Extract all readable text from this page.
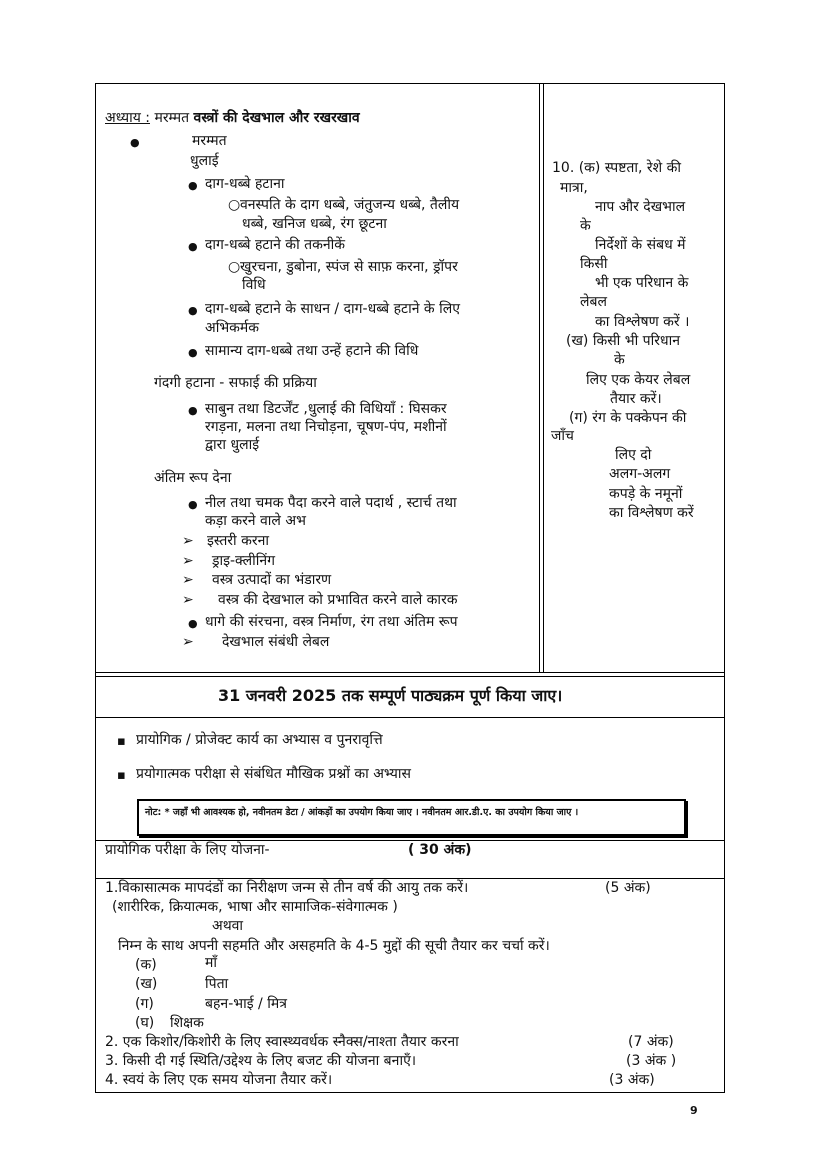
अध्याय : मरम्मत वस्त्रों की देखभाल और रखरखाव
●	मरम्मत
धुलाई
● दाग-धब्बे हटाना
○ वनस्पति के दाग धब्बे, जंतुजन्य धब्बे, तैलीय
धब्बे, खनिज धब्बे, रंग छूटना
● दाग-धब्बे हटाने की तकनीकें
○ खुरचना, डुबोना, स्पंज से साफ़ करना, ड्रॉपर
विधि
● दाग-धब्बे हटाने के साधन / दाग-धब्बे हटाने के लिए
अभिकर्मक
● सामान्य दाग-धब्बे तथा उन्हें हटाने की विधि
गंदगी हटाना - सफाई की प्रक्रिया
● साबुन तथा डिटर्जेंट ,धुलाई की विधियाँ : घिसकर
रगड़ना, मलना तथा निचोड़ना, चूषण-पंप, मशीनों
द्वारा धुलाई
अंतिम रूप देना
● नील तथा चमक पैदा करने वाले पदार्थ , स्टार्च तथा
कड़ा करने वाले अभ
➢ इस्तरी करना
➢ ड्राइ-क्लीनिंग
➢ वस्त्र उत्पादों का भंडारण
➢ वस्त्र की देखभाल को प्रभावित करने वाले कारक
● धागे की संरचना, वस्त्र निर्माण, रंग तथा अंतिम रूप
➢ देखभाल संबंधी लेबल
10. (क) स्पष्टता, रेशे की
मात्रा,
नाप और देखभाल
के
निर्देशों के संबध में
किसी
भी एक परिधान के
लेबल
का विश्लेषण करें ।
(ख) किसी भी परिधान
के
लिए एक केयर लेबल
तैयार करें।
(ग) रंग के पक्केपन की
जाँच
लिए दो
अलग-अलग
कपड़े के नमूनों
का विश्लेषण करें
31 जनवरी 2025 तक सम्पूर्ण पाठ्यक्रम पूर्ण किया जाए।
▪ प्रायोगिक / प्रोजेक्ट कार्य का अभ्यास व पुनरावृत्ति
▪ प्रयोगात्मक परीक्षा से संबंधित मौखिक प्रश्नों का अभ्यास
नोट: * जहाँ भी आवश्यक हो, नवीनतम डेटा / आंकड़ों का उपयोग किया जाए । नवीनतम आर.डी.ए. का उपयोग किया जाए ।
प्रायोगिक परीक्षा के लिए योजना-	( 30 अंक)
1.विकासात्मक मापदंडों का निरीक्षण जन्म से तीन वर्ष की आयु तक करें।	(5 अंक)
(शारीरिक, क्रियात्मक, भाषा और सामाजिक-संवेगात्मक )
अथवा
निम्न के साथ अपनी सहमति और असहमति के 4-5 मुद्दों की सूची तैयार कर चर्चा करें।
(क)	माँ
(ख)	पिता
(ग)	बहन-भाई / मित्र
(घ) शिक्षक
2. एक किशोर/किशोरी के लिए स्वास्थ्यवर्धक स्नैक्स/नाश्ता तैयार करना	(7 अंक)
3. किसी दी गई स्थिति/उद्देश्य के लिए बजट की योजना बनाएँ।	(3 अंक )
4. स्वयं के लिए एक समय योजना तैयार करें।	(3 अंक)
9
